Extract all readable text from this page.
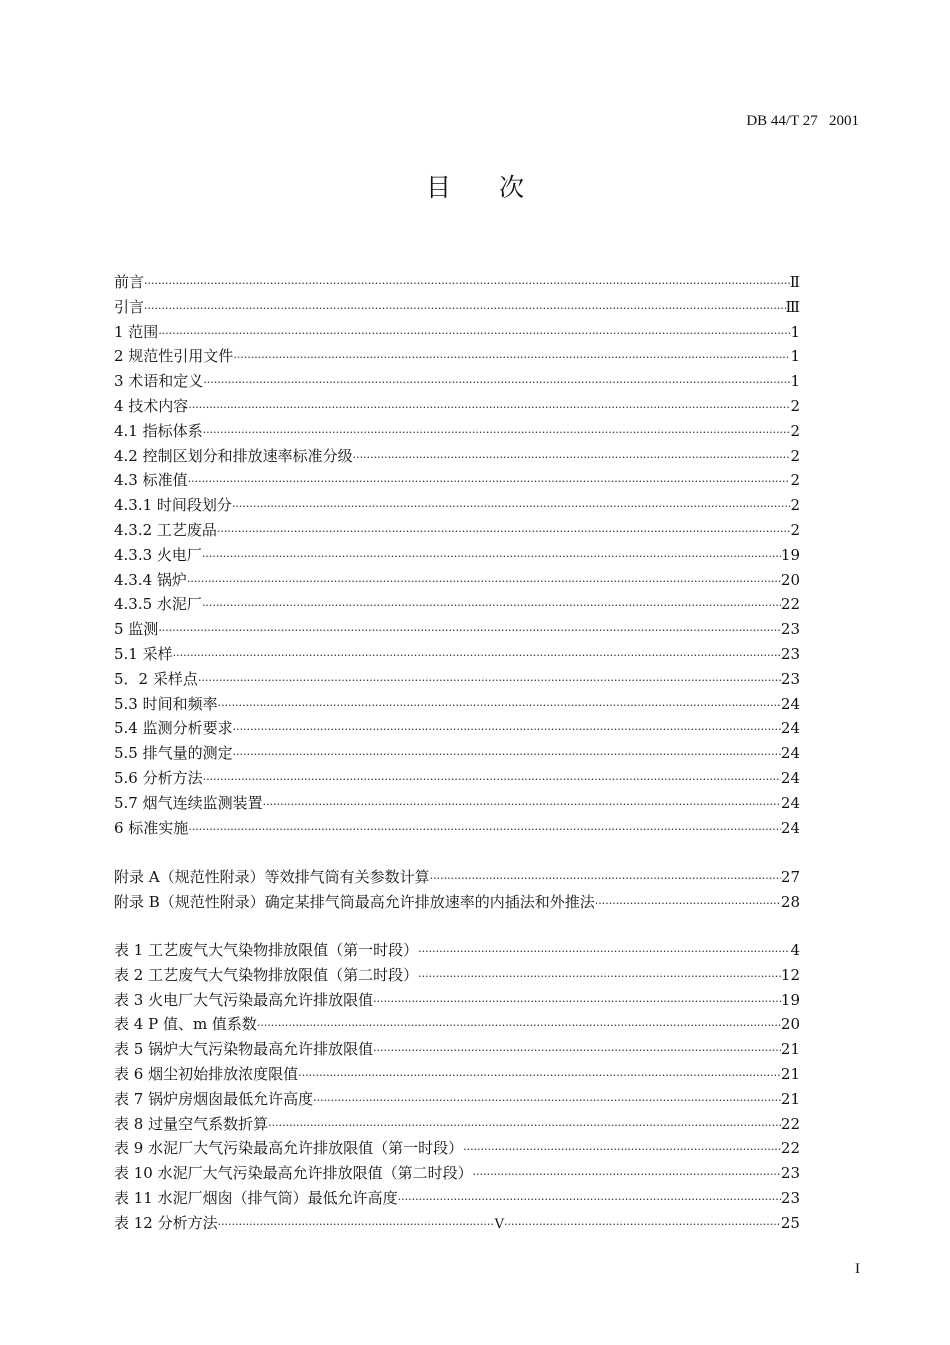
DB 44/T 27   2001
目次
前言 ·····	Ⅱ
引言 ·····	Ⅲ
1 范围 ·····	1
2 规范性引用文件 ·····	1
3 术语和定义 ·····	1
4 技术内容 ·····	2
4.1 指标体系 ·····	2
4.2 控制区划分和排放速率标准分级 ·····	2
4.3 标准值 ·····	2
4.3.1 时间段划分 ·····	2
4.3.2 工艺废品 ·····	2
4.3.3 火电厂 ·····	19
4.3.4 锅炉 ·····	20
4.3.5 水泥厂 ·····	22
5 监测 ·····	23
5.1 采样 ·····	23
5．2 采样点 ·····	23
5.3 时间和频率 ·····	24
5.4 监测分析要求 ·····	24
5.5 排气量的测定 ·····	24
5.6 分析方法 ·····	24
5.7 烟气连续监测装置 ·····	24
6 标准实施 ·····	24
附录 A（规范性附录）等效排气筒有关参数计算 ·····	27
附录 B（规范性附录）确定某排气筒最高允许排放速率的内插法和外推法 ·····	28
表 1 工艺废气大气染物排放限值（第一时段） ·····	4
表 2 工艺废气大气染物排放限值（第二时段） ·····	12
表 3 火电厂大气污染最高允许排放限值 ·····	19
表 4 P 值、m 值系数 ·····	20
表 5 锅炉大气污染物最高允许排放限值 ·····	21
表 6 烟尘初始排放浓度限值 ·····	21
表 7 锅炉房烟囱最低允许高度 ·····	21
表 8 过量空气系数折算 ·····	22
表 9 水泥厂大气污染最高允许排放限值（第一时段） ·····	22
表 10 水泥厂大气污染最高允许排放限值（第二时段） ·····	23
表 11 水泥厂烟囱（排气筒）最低允许高度 ·····	23
表 12 分析方法 ·····	V ·····	25
I
